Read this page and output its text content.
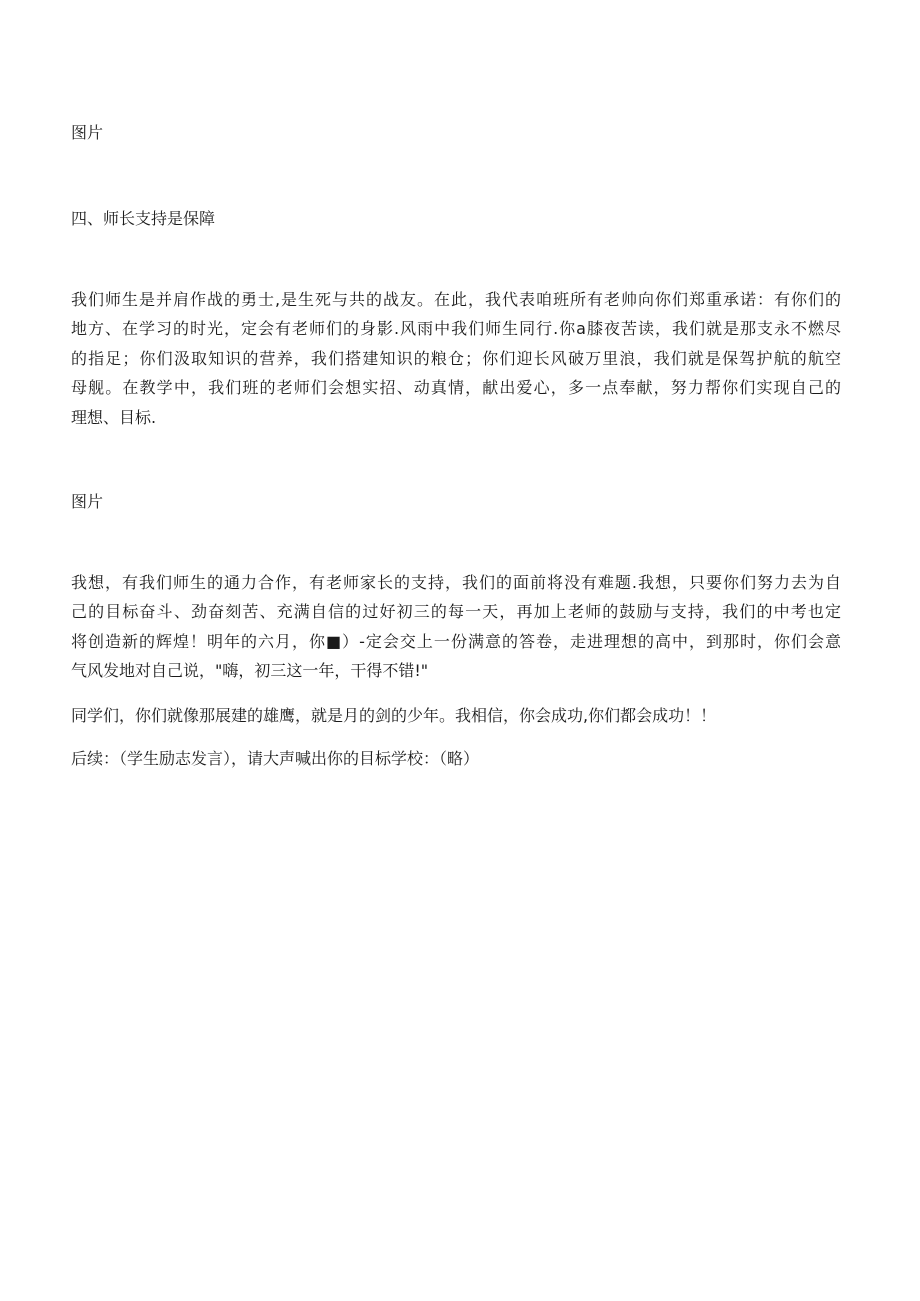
图片
四、师长支持是保障
我们师生是并肩作战的勇士,是生死与共的战友。在此，我代表咱班所有老帅向你们郑重承诺：有你们的
地方、在学习的时光，定会有老师们的身影.风雨中我们师生同行.你a膝夜苦读，我们就是那支永不燃尽
的指足；你们汲取知识的营养，我们搭建知识的粮仓；你们迎长风破万里浪，我们就是保驾护航的航空
母舰。在教学中，我们班的老师们会想实招、动真情，献出爱心，多一点奉献，努力帮你们实现自己的
理想、目标.
图片
我想，有我们师生的通力合作，有老师家长的支持，我们的面前将没有难题.我想，只要你们努力去为自
己的目标奋斗、劲奋刻苦、充满自信的过好初三的每一天，再加上老师的鼓励与支持，我们的中考也定
将创造新的辉煌！明年的六月，你■）-定会交上一份满意的答卷，走进理想的高中，到那时，你们会意
气风发地对自己说，"嗨，初三这一年，干得不错!"
同学们，你们就像那展建的雄鹰，就是月的剑的少年。我相信，你会成功,你们都会成功！！
后续：（学生励志发言），请大声喊出你的目标学校：（略）
